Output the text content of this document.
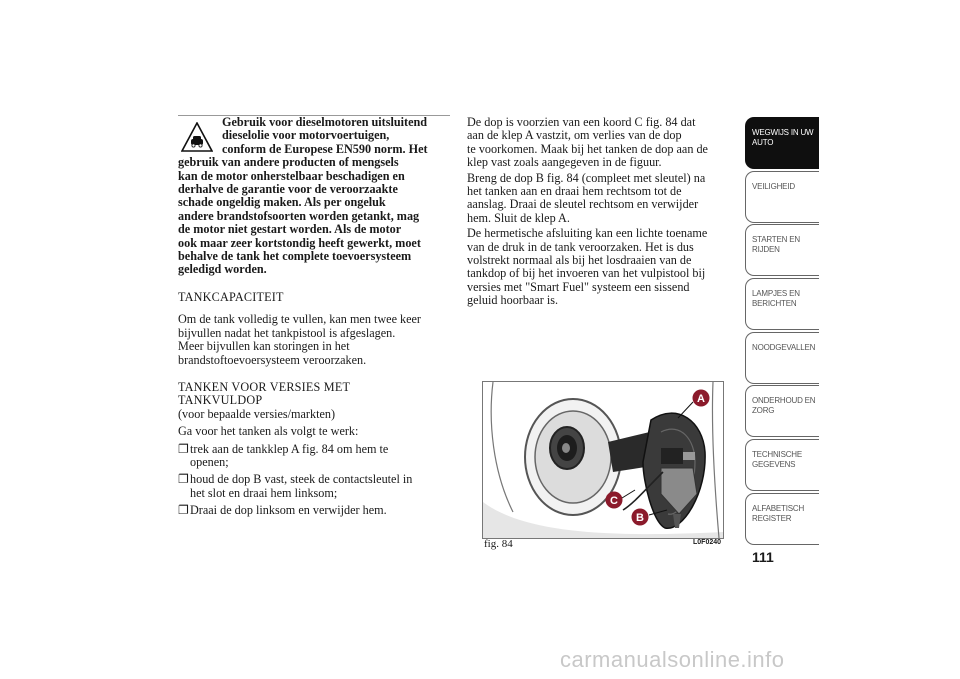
Gebruik voor dieselmotoren uitsluitend
dieselolie voor motorvoertuigen,
conform de Europese EN590 norm. Het
gebruik van andere producten of mengsels
kan de motor onherstelbaar beschadigen en
derhalve de garantie voor de veroorzaakte
schade ongeldig maken. Als per ongeluk
andere brandstofsoorten worden getankt, mag
de motor niet gestart worden. Als de motor
ook maar zeer kortstondig heeft gewerkt, moet
behalve de tank het complete toevoersysteem
geledigd worden.
TANKCAPACITEIT

Om de tank volledig te vullen, kan men twee keer

bijvullen nadat het tankpistool is afgeslagen.

Meer bijvullen kan storingen in het

brandstoftoevoersysteem veroorzaken.

TANKEN VOOR VERSIES MET
TANKVULDOP

(voor bepaalde versies/markten)

Ga voor het tanken als volgt te werk:

❐ trek aan de tankklep A fig. 84 om hem te
openen;
❐ houd de dop B vast, steek de contactsleutel in
het slot en draai hem linksom;
❐ Draai de dop linksom en verwijder hem.

De dop is voorzien van een koord C fig. 84 dat

aan de klep A vastzit, om verlies van de dop

te voorkomen. Maak bij het tanken de dop aan de

klep vast zoals aangegeven in de figuur.

Breng de dop B fig. 84 (compleet met sleutel) na

het tanken aan en draai hem rechtsom tot de

aanslag. Draai de sleutel rechtsom en verwijder

hem. Sluit de klep A.

De hermetische afsluiting kan een lichte toename

van de druk in de tank veroorzaken. Het is dus

volstrekt normaal als bij het losdraaien van de

tankdop of bij het invoeren van het vulpistool bij

versies met "Smart Fuel" systeem een sissend

geluid hoorbaar is.

A
C
B
fig. 84	L0F0240
WEGWIJS IN UW
AUTO
VEILIGHEID

STARTEN EN
RIJDEN
LAMPJES EN
BERICHTEN
NOODGEVALLEN

ONDERHOUD EN
ZORG
TECHNISCHE
GEGEVENS
ALFABETISCH
REGISTER
111
carmanualsonline.info
